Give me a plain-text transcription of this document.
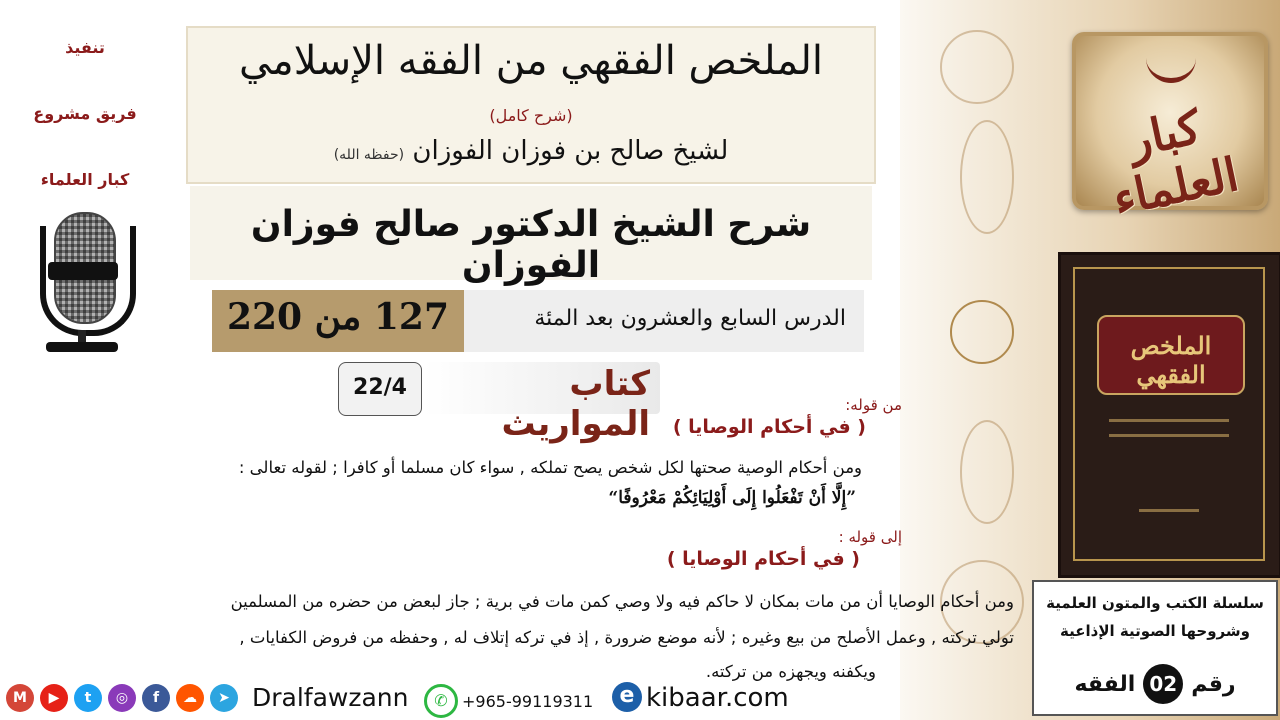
كبار العلماء
الملخص الفقهي
سلسلة الكتب والمتون العلمية
وشروحها الصوتية الإذاعية
رقم
02
الفقه
تنفيذ
فريق مشروع
كبار العلماء
الملخص الفقهي من الفقه الإسلامي
(شرح كامل)
لشيخ صالح بن فوزان الفوزان (حفظه الله)
شرح الشيخ الدكتور صالح فوزان الفوزان
الدرس السابع والعشرون بعد المئة
127 من 220
كتاب المواريث
22/4
من قوله:
( في أحكام الوصايا )
ومن أحكام الوصية صحتها لكل شخص يصح تملكه , سواء كان مسلما أو كافرا ; لقوله تعالى :
”إِلَّا أَنْ تَفْعَلُوا إِلَى أَوْلِيَائِكُمْ مَعْرُوفًا“
إلى قوله :
( في أحكام الوصايا )
ومن أحكام الوصايا أن من مات بمكان لا حاكم فيه ولا وصي كمن مات في برية ; جاز لبعض من حضره من المسلمين
تولي تركته , وعمل الأصلح من بيع وغيره ; لأنه موضع ضرورة , إذ في تركه إتلاف له , وحفظه من فروض الكفايات ,
ويكفنه ويجهزه من تركته.
M	▶	t	◎	f	☁	➤ Dralfawzann	✆ +965-99119311	e kibaar.com
